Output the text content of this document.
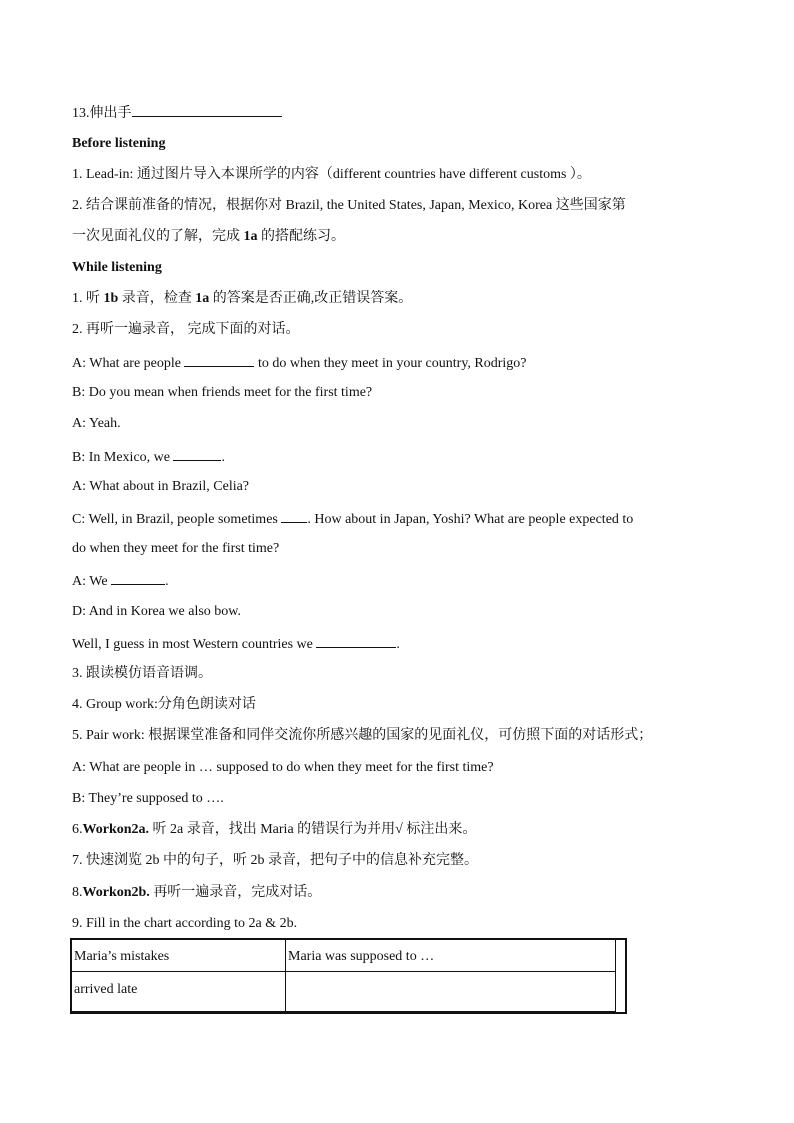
13.伸出手
Before listening
1. Lead-in: 通过图片导入本课所学的内容（different countries have different customs ）。
2. 结合课前准备的情况，根据你对 Brazil, the United States, Japan, Mexico, Korea 这些国家第
一次见面礼仪的了解，完成 1a 的搭配练习。
While listening
1. 听 1b 录音，检查 1a 的答案是否正确,改正错误答案。
2. 再听一遍录音， 完成下面的对话。
A: What are people	to do when they meet in your country, Rodrigo?
B: Do you mean when friends meet for the first time?
A: Yeah.
B: In Mexico, we	.
A: What about in Brazil, Celia?
C: Well, in Brazil, people sometimes . How about in Japan, Yoshi? What are people expected to
do when they meet for the first time?
A: We	.
D: And in Korea we also bow.
Well, I guess in most Western countries we	.
3. 跟读模仿语音语调。
4. Group work:分角色朗读对话
5. Pair work: 根据课堂准备和同伴交流你所感兴趣的国家的见面礼仪，可仿照下面的对话形式；
A: What are people in … supposed to do when they meet for the first time?
B: They’re supposed to ….
6.Workon2a. 听 2a 录音，找出 Maria 的错误行为并用√ 标注出来。
7. 快速浏览 2b 中的句子，听 2b 录音，把句子中的信息补充完整。
8.Workon2b. 再听一遍录音，完成对话。
9. Fill in the chart according to 2a & 2b.
Maria’s mistakes	Maria was supposed to …
arrived late	
